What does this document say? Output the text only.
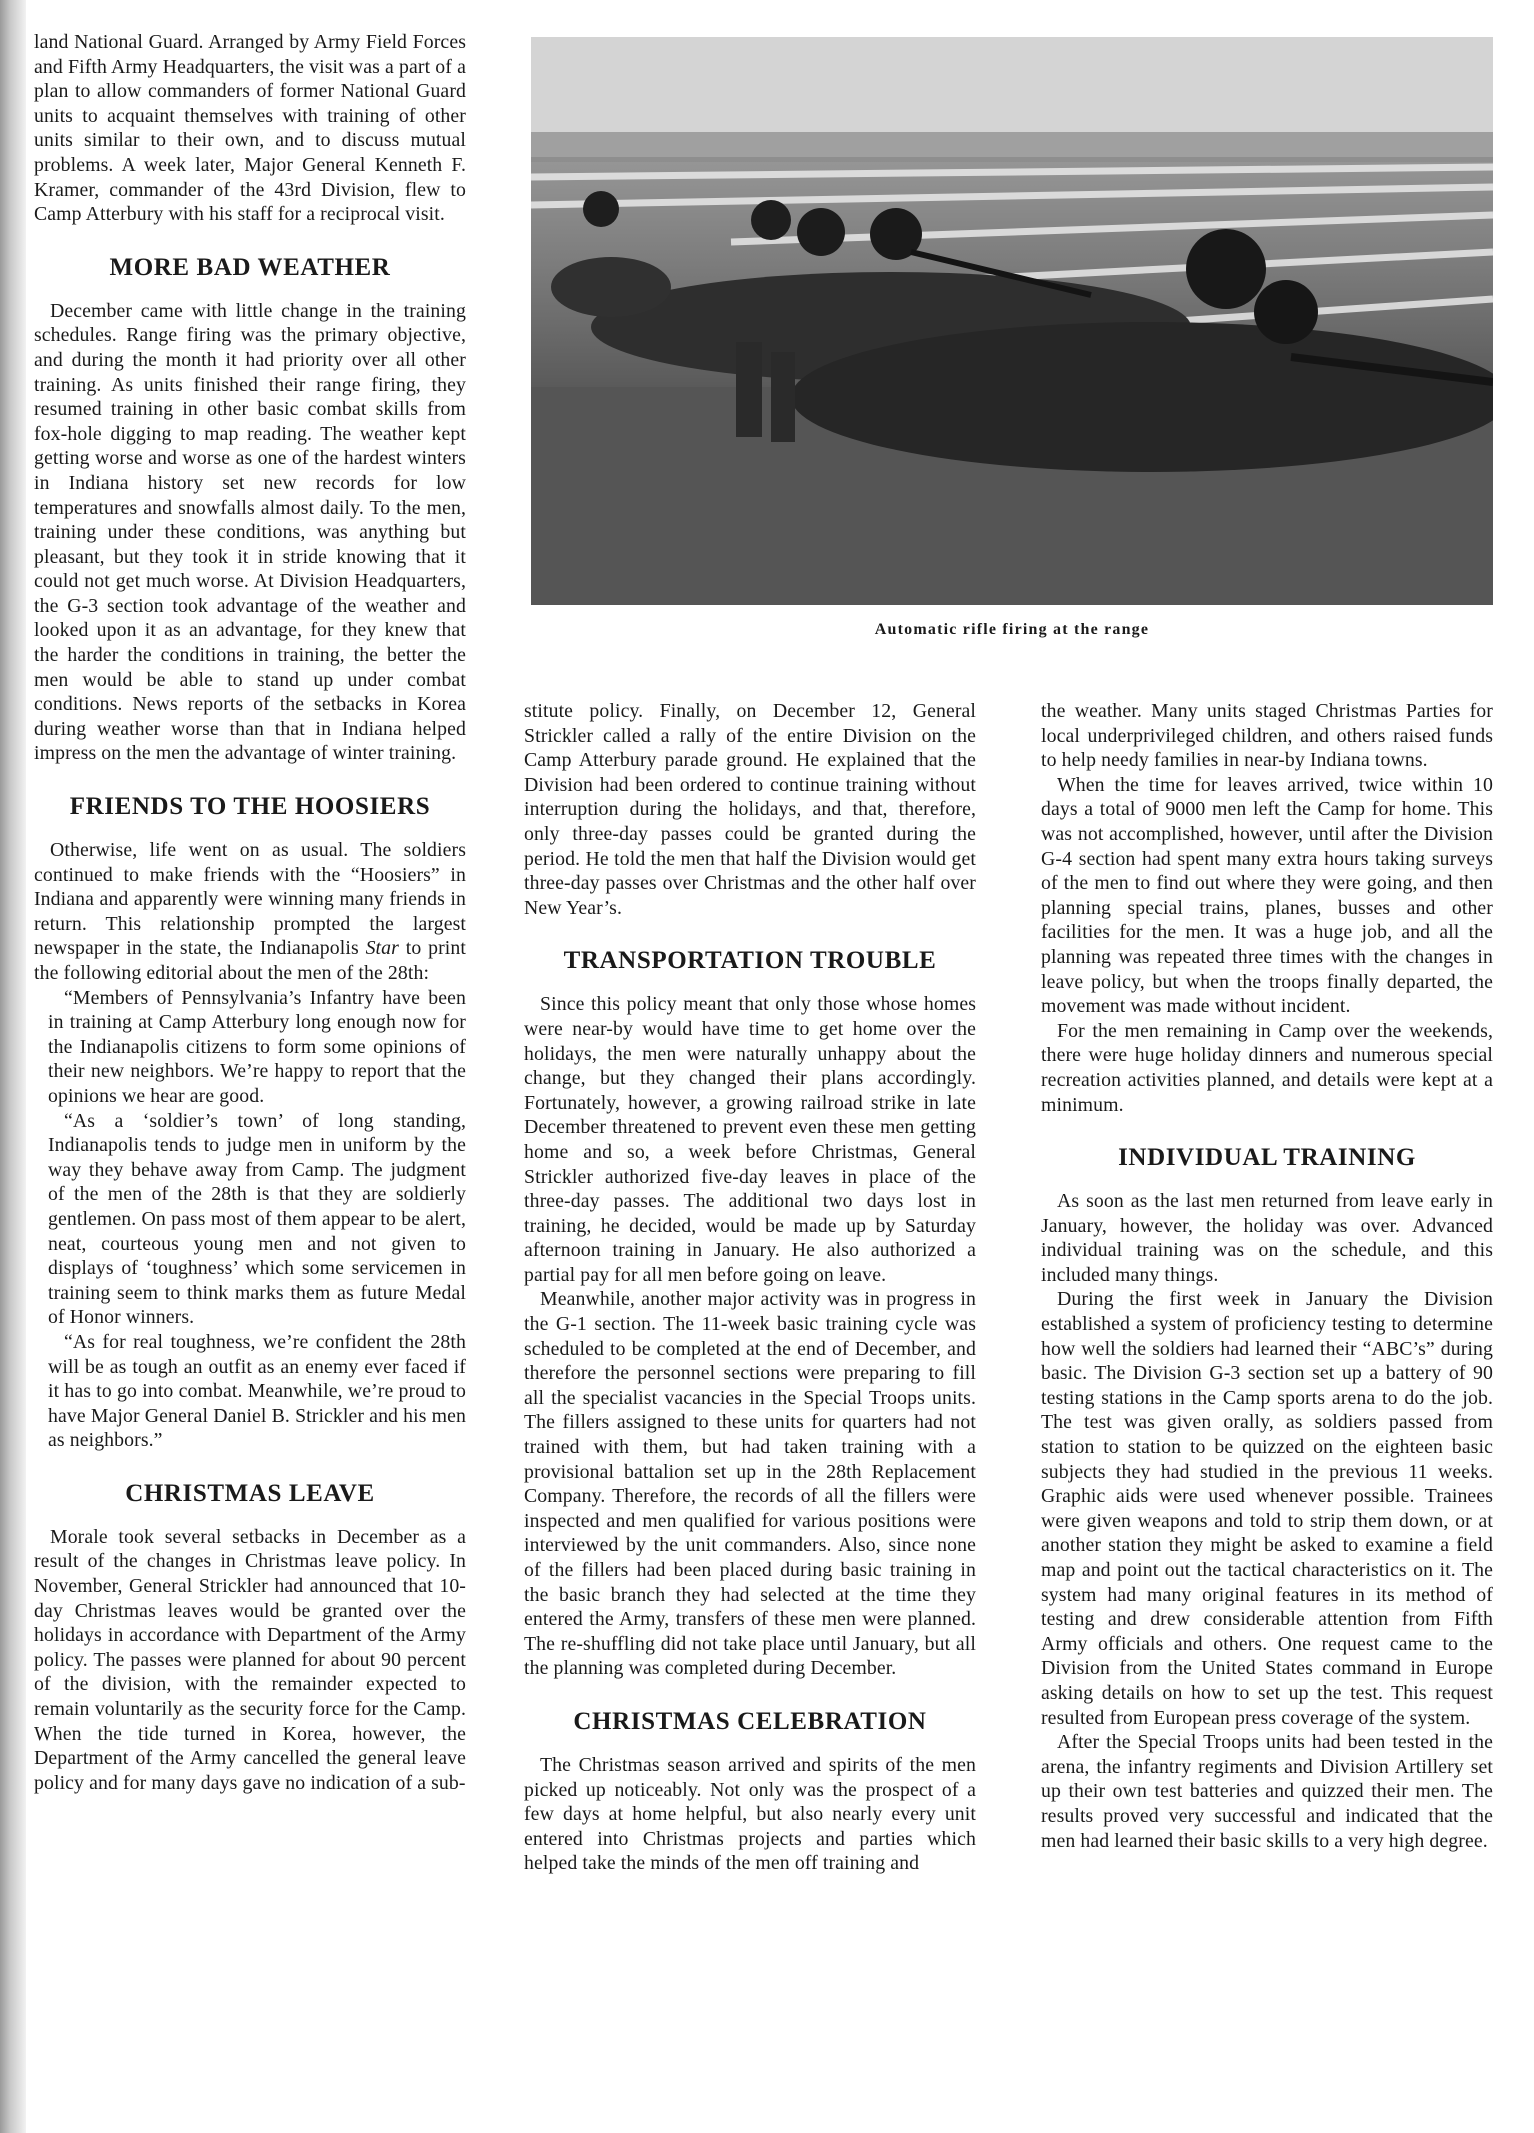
land National Guard. Arranged by Army Field Forces and Fifth Army Headquarters, the visit was a part of a plan to allow commanders of former National Guard units to acquaint themselves with training of other units similar to their own, and to discuss mutual problems. A week later, Major General Kenneth F. Kramer, commander of the 43rd Division, flew to Camp Atterbury with his staff for a reciprocal visit.

MORE BAD WEATHER

December came with little change in the training schedules. Range firing was the primary objective, and during the month it had priority over all other training. As units finished their range firing, they resumed training in other basic combat skills from fox-hole digging to map reading. The weather kept getting worse and worse as one of the hardest winters in Indiana history set new records for low temperatures and snowfalls almost daily. To the men, training under these conditions, was anything but pleasant, but they took it in stride knowing that it could not get much worse. At Division Headquarters, the G-3 section took advantage of the weather and looked upon it as an advantage, for they knew that the harder the conditions in training, the better the men would be able to stand up under combat conditions. News reports of the setbacks in Korea during weather worse than that in Indiana helped impress on the men the advantage of winter training.

FRIENDS TO THE HOOSIERS

Otherwise, life went on as usual. The soldiers continued to make friends with the “Hoosiers” in Indiana and apparently were winning many friends in return. This relationship prompted the largest newspaper in the state, the Indianapolis Star to print the following editorial about the men of the 28th:

“Members of Pennsylvania’s Infantry have been in training at Camp Atterbury long enough now for the Indianapolis citizens to form some opinions of their new neighbors. We’re happy to report that the opinions we hear are good.

“As a ‘soldier’s town’ of long standing, Indianapolis tends to judge men in uniform by the way they behave away from Camp. The judgment of the men of the 28th is that they are soldierly gentlemen. On pass most of them appear to be alert, neat, courteous young men and not given to displays of ‘toughness’ which some servicemen in training seem to think marks them as future Medal of Honor winners.

“As for real toughness, we’re confident the 28th will be as tough an outfit as an enemy ever faced if it has to go into combat. Meanwhile, we’re proud to have Major General Daniel B. Strickler and his men as neighbors.”

CHRISTMAS LEAVE

Morale took several setbacks in December as a result of the changes in Christmas leave policy. In November, General Strickler had announced that 10-day Christmas leaves would be granted over the holidays in accordance with Department of the Army policy. The passes were planned for about 90 percent of the division, with the remainder expected to remain voluntarily as the security force for the Camp. When the tide turned in Korea, however, the Department of the Army cancelled the general leave policy and for many days gave no indication of a sub-

Automatic rifle firing at the range

stitute policy. Finally, on December 12, General Strickler called a rally of the entire Division on the Camp Atterbury parade ground. He explained that the Division had been ordered to continue training without interruption during the holidays, and that, therefore, only three-day passes could be granted during the period. He told the men that half the Division would get three-day passes over Christmas and the other half over New Year’s.

TRANSPORTATION TROUBLE

Since this policy meant that only those whose homes were near-by would have time to get home over the holidays, the men were naturally unhappy about the change, but they changed their plans accordingly. Fortunately, however, a growing railroad strike in late December threatened to prevent even these men getting home and so, a week before Christmas, General Strickler authorized five-day leaves in place of the three-day passes. The additional two days lost in training, he decided, would be made up by Saturday afternoon training in January. He also authorized a partial pay for all men before going on leave.

Meanwhile, another major activity was in progress in the G-1 section. The 11-week basic training cycle was scheduled to be completed at the end of December, and therefore the personnel sections were preparing to fill all the specialist vacancies in the Special Troops units. The fillers assigned to these units for quarters had not trained with them, but had taken training with a provisional battalion set up in the 28th Replacement Company. Therefore, the records of all the fillers were inspected and men qualified for various positions were interviewed by the unit commanders. Also, since none of the fillers had been placed during basic training in the basic branch they had selected at the time they entered the Army, transfers of these men were planned. The re-shuffling did not take place until January, but all the planning was completed during December.

CHRISTMAS CELEBRATION

The Christmas season arrived and spirits of the men picked up noticeably. Not only was the prospect of a few days at home helpful, but also nearly every unit entered into Christmas projects and parties which helped take the minds of the men off training and

the weather. Many units staged Christmas Parties for local underprivileged children, and others raised funds to help needy families in near-by Indiana towns.

When the time for leaves arrived, twice within 10 days a total of 9000 men left the Camp for home. This was not accomplished, however, until after the Division G-4 section had spent many extra hours taking surveys of the men to find out where they were going, and then planning special trains, planes, busses and other facilities for the men. It was a huge job, and all the planning was repeated three times with the changes in leave policy, but when the troops finally departed, the movement was made without incident.

For the men remaining in Camp over the weekends, there were huge holiday dinners and numerous special recreation activities planned, and details were kept at a minimum.

INDIVIDUAL TRAINING

As soon as the last men returned from leave early in January, however, the holiday was over. Advanced individual training was on the schedule, and this included many things.

During the first week in January the Division established a system of proficiency testing to determine how well the soldiers had learned their “ABC’s” during basic. The Division G-3 section set up a battery of 90 testing stations in the Camp sports arena to do the job. The test was given orally, as soldiers passed from station to station to be quizzed on the eighteen basic subjects they had studied in the previous 11 weeks. Graphic aids were used whenever possible. Trainees were given weapons and told to strip them down, or at another station they might be asked to examine a field map and point out the tactical characteristics on it. The system had many original features in its method of testing and drew considerable attention from Fifth Army officials and others. One request came to the Division from the United States command in Europe asking details on how to set up the test. This request resulted from European press coverage of the system.

After the Special Troops units had been tested in the arena, the infantry regiments and Division Artillery set up their own test batteries and quizzed their men. The results proved very successful and indicated that the men had learned their basic skills to a very high degree.
